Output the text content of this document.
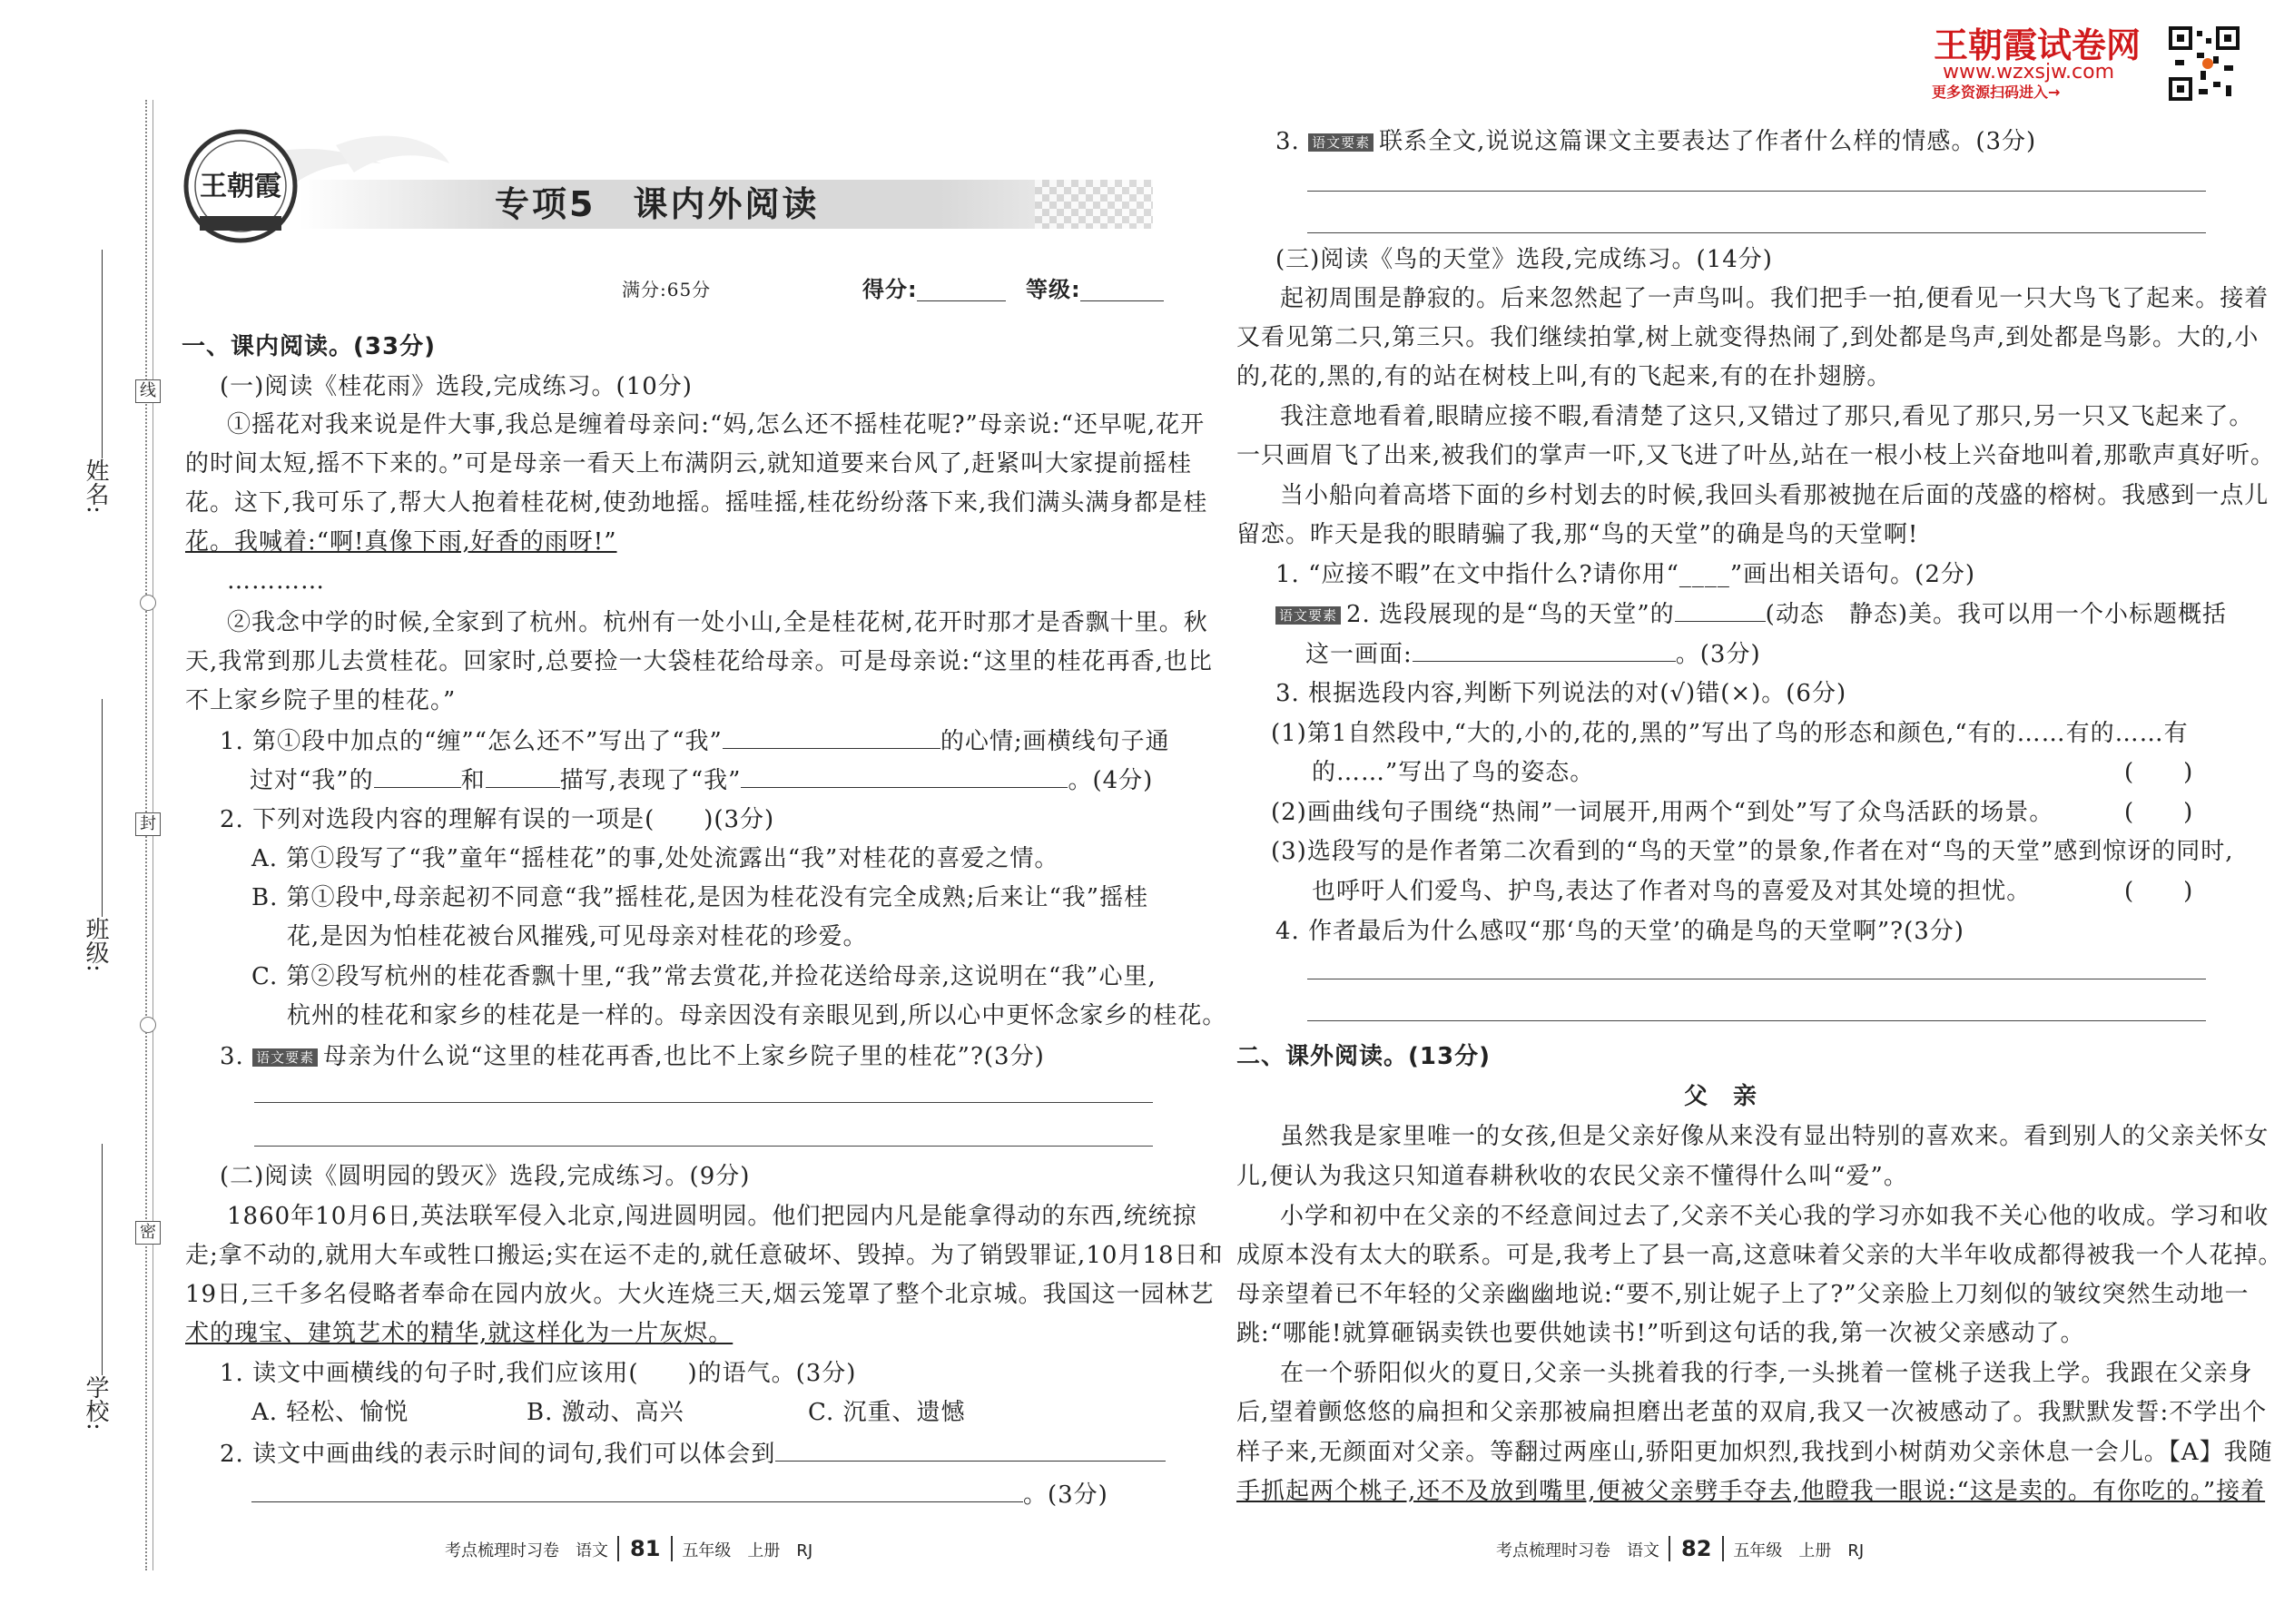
姓名:
班级:
学校:
线
封
密
王朝霞	专项5　课内外阅读
满分:65分	得分:	等级:
王朝霞试卷网
www.wzxsjw.com
更多资源扫码进入→
一、课内阅读。(33分)
(一)阅读《桂花雨》选段,完成练习。(10分)
①摇花对我来说是件大事,我总是缠着母亲问:“妈,怎么还不摇桂花呢?”母亲说:“还早呢,花开
的时间太短,摇不下来的。”可是母亲一看天上布满阴云,就知道要来台风了,赶紧叫大家提前摇桂
花。这下,我可乐了,帮大人抱着桂花树,使劲地摇。摇哇摇,桂花纷纷落下来,我们满头满身都是桂
花。我喊着:“啊!真像下雨,好香的雨呀!”
…………
②我念中学的时候,全家到了杭州。杭州有一处小山,全是桂花树,花开时那才是香飘十里。秋
天,我常到那儿去赏桂花。回家时,总要捡一大袋桂花给母亲。可是母亲说:“这里的桂花再香,也比
不上家乡院子里的桂花。”
1. 第①段中加点的“缠”“怎么还不”写出了“我”	的心情;画横线句子通
过对“我”的	和	描写,表现了“我”	。(4分)
2. 下列对选段内容的理解有误的一项是(　　)(3分)
A. 第①段写了“我”童年“摇桂花”的事,处处流露出“我”对桂花的喜爱之情。
B. 第①段中,母亲起初不同意“我”摇桂花,是因为桂花没有完全成熟;后来让“我”摇桂
花,是因为怕桂花被台风摧残,可见母亲对桂花的珍爱。
C. 第②段写杭州的桂花香飘十里,“我”常去赏花,并捡花送给母亲,这说明在“我”心里,
杭州的桂花和家乡的桂花是一样的。母亲因没有亲眼见到,所以心中更怀念家乡的桂花。
3. 语文要素 母亲为什么说“这里的桂花再香,也比不上家乡院子里的桂花”?(3分)
(二)阅读《圆明园的毁灭》选段,完成练习。(9分)
1860年10月6日,英法联军侵入北京,闯进圆明园。他们把园内凡是能拿得动的东西,统统掠
走;拿不动的,就用大车或牲口搬运;实在运不走的,就任意破坏、毁掉。为了销毁罪证,10月18日和
19日,三千多名侵略者奉命在园内放火。大火连烧三天,烟云笼罩了整个北京城。我国这一园林艺
术的瑰宝、建筑艺术的精华,就这样化为一片灰烬。
1. 读文中画横线的句子时,我们应该用(　　)的语气。(3分)
A. 轻松、愉悦	B. 激动、高兴	C. 沉重、遗憾
2. 读文中画曲线的表示时间的词句,我们可以体会到
。(3分)
考点梳理时习卷　语文 81 五年级　上册　RJ
3. 语文要素 联系全文,说说这篇课文主要表达了作者什么样的情感。(3分)
(三)阅读《鸟的天堂》选段,完成练习。(14分)
起初周围是静寂的。后来忽然起了一声鸟叫。我们把手一拍,便看见一只大鸟飞了起来。接着
又看见第二只,第三只。我们继续拍掌,树上就变得热闹了,到处都是鸟声,到处都是鸟影。大的,小
的,花的,黑的,有的站在树枝上叫,有的飞起来,有的在扑翅膀。
我注意地看着,眼睛应接不暇,看清楚了这只,又错过了那只,看见了那只,另一只又飞起来了。
一只画眉飞了出来,被我们的掌声一吓,又飞进了叶丛,站在一根小枝上兴奋地叫着,那歌声真好听。
当小船向着高塔下面的乡村划去的时候,我回头看那被抛在后面的茂盛的榕树。我感到一点儿
留恋。昨天是我的眼睛骗了我,那“鸟的天堂”的确是鸟的天堂啊!
1. “应接不暇”在文中指什么?请你用“____”画出相关语句。(2分)
语文要素 2. 选段展现的是“鸟的天堂”的	(动态　静态)美。我可以用一个小标题概括
这一画面:	。(3分)
3. 根据选段内容,判断下列说法的对(√)错(×)。(6分)
(1)第1自然段中,“大的,小的,花的,黑的”写出了鸟的形态和颜色,“有的……有的……有
的……”写出了鸟的姿态。	(　　)
(2)画曲线句子围绕“热闹”一词展开,用两个“到处”写了众鸟活跃的场景。	(　　)
(3)选段写的是作者第二次看到的“鸟的天堂”的景象,作者在对“鸟的天堂”感到惊讶的同时,
也呼吁人们爱鸟、护鸟,表达了作者对鸟的喜爱及对其处境的担忧。	(　　)
4. 作者最后为什么感叹“那‘鸟的天堂’的确是鸟的天堂啊”?(3分)
二、课外阅读。(13分)
父　亲
虽然我是家里唯一的女孩,但是父亲好像从来没有显出特别的喜欢来。看到别人的父亲关怀女
儿,便认为我这只知道春耕秋收的农民父亲不懂得什么叫“爱”。
小学和初中在父亲的不经意间过去了,父亲不关心我的学习亦如我不关心他的收成。学习和收
成原本没有太大的联系。可是,我考上了县一高,这意味着父亲的大半年收成都得被我一个人花掉。
母亲望着已不年轻的父亲幽幽地说:“要不,别让妮子上了?”父亲脸上刀刻似的皱纹突然生动地一
跳:“哪能!就算砸锅卖铁也要供她读书!”听到这句话的我,第一次被父亲感动了。
在一个骄阳似火的夏日,父亲一头挑着我的行李,一头挑着一筐桃子送我上学。我跟在父亲身
后,望着颤悠悠的扁担和父亲那被扁担磨出老茧的双肩,我又一次被感动了。我默默发誓:不学出个
样子来,无颜面对父亲。等翻过两座山,骄阳更加炽烈,我找到小树荫劝父亲休息一会儿。【A】我随
手抓起两个桃子,还不及放到嘴里,便被父亲劈手夺去,他瞪我一眼说:“这是卖的。有你吃的。”接着
考点梳理时习卷　语文 82 五年级　上册　RJ
